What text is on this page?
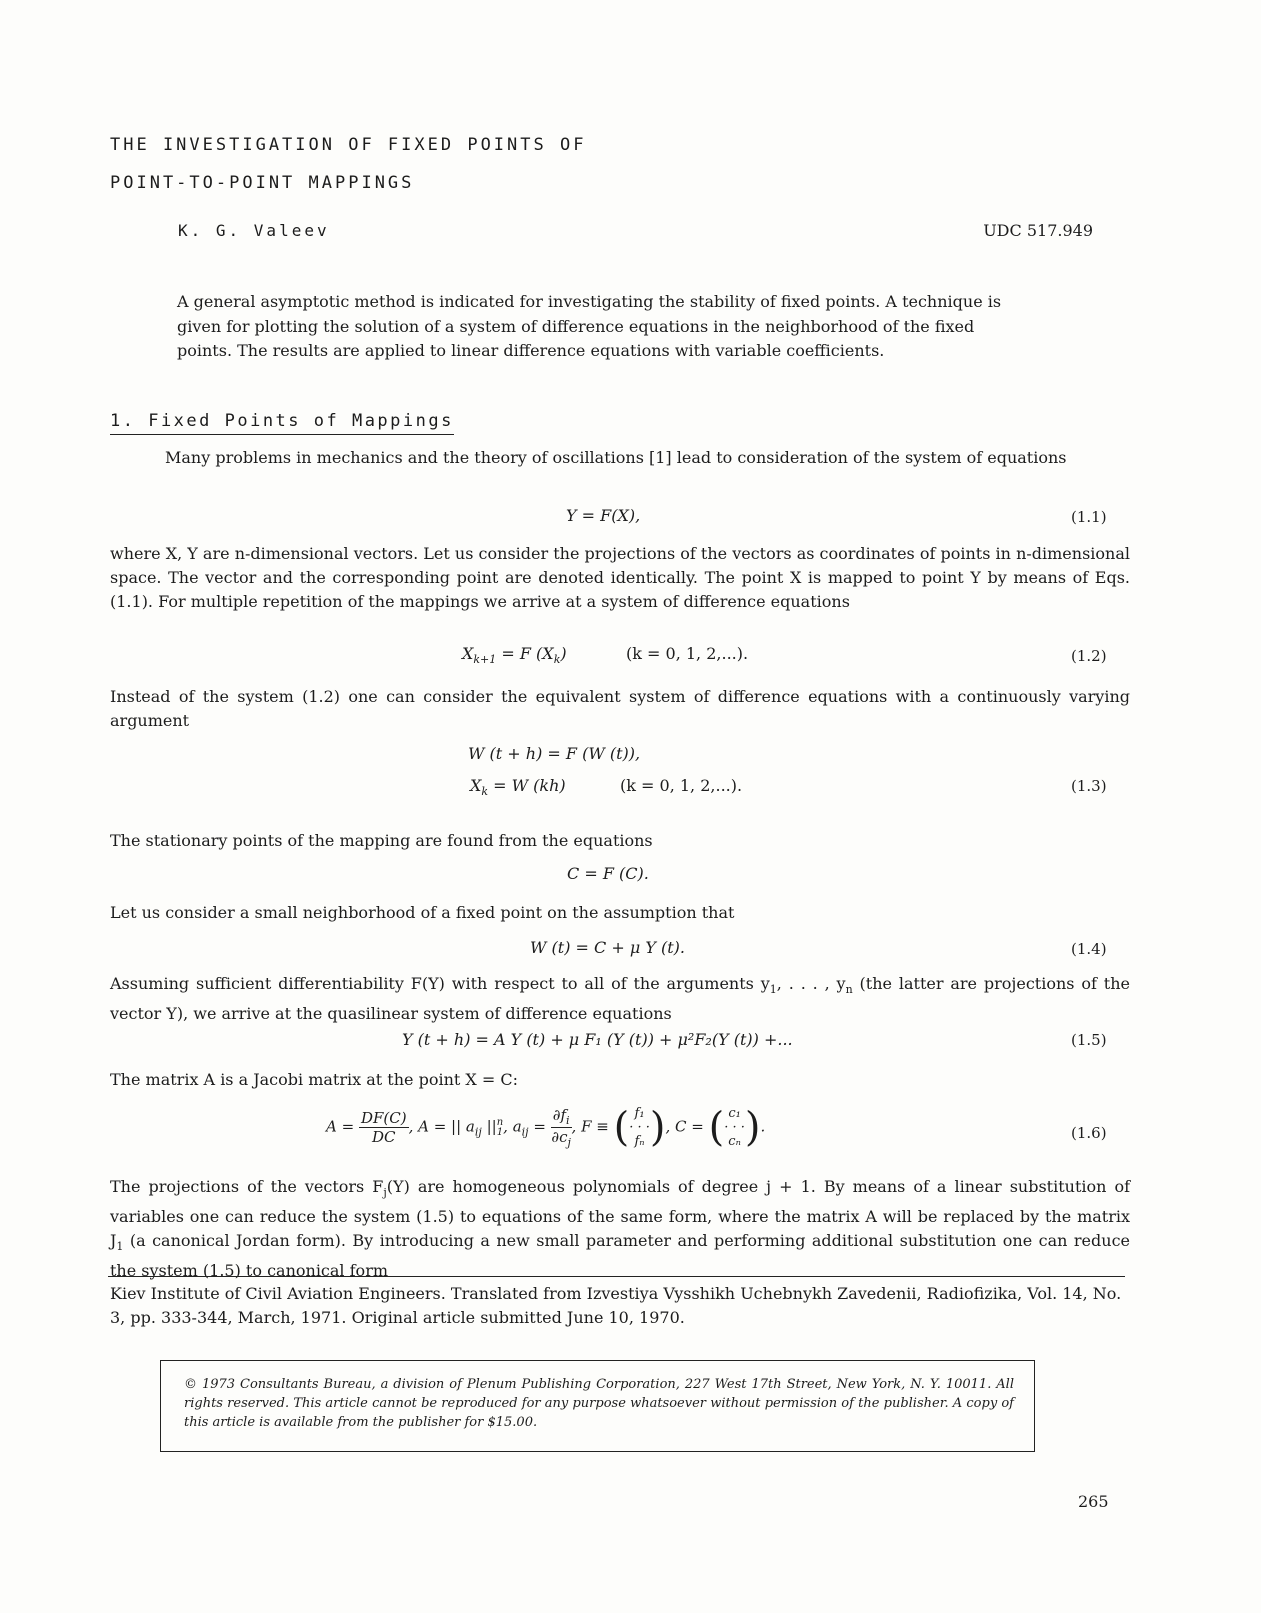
THE INVESTIGATION OF FIXED POINTS OF
POINT-TO-POINT MAPPINGS
K. G. Valeev	UDC 517.949
A general asymptotic method is indicated for investigating the stability of fixed points. A technique is given for plotting the solution of a system of difference equations in the neighborhood of the fixed points. The results are applied to linear difference equations with variable coefficients.
1. Fixed Points of Mappings
Many problems in mechanics and the theory of oscillations [1] lead to consideration of the system of equations
Y = F(X),	(1.1)
where X, Y are n-dimensional vectors. Let us consider the projections of the vectors as coordinates of points in n-dimensional space. The vector and the corresponding point are denoted identically. The point X is mapped to point Y by means of Eqs. (1.1). For multiple repetition of the mappings we arrive at a system of difference equations
$X_{k+1} = F$ $(X_k)$	(k = 0, 1, 2,...).	(1.2)
Instead of the system (1.2) one can consider the equivalent system of difference equations with a continuously varying argument
W (t + h) = F (W (t)),
$X_k = W$ (kh)	(k = 0, 1, 2,...).	(1.3)
The stationary points of the mapping are found from the equations
C = F (C).
Let us consider a small neighborhood of a fixed point on the assumption that
W (t) = C + μ Y (t).	(1.4)
Assuming sufficient differentiability F(Y) with respect to all of the arguments $y_1$, . . . , $y_n$ (the latter are projections of the vector Y), we arrive at the quasilinear system of difference equations
Y (t + h) = A Y (t) + μ F₁ (Y (t)) + μ²F₂(Y (t)) +...	(1.5)
The matrix A is a Jacobi matrix at the point X = C:
$A = \frac{DF(C)}{DC}$ , A = || $a_{ij}$ || n
1 , $a_{ij} = \frac{\partial f_i}{\partial c_j}$ , F ≡ ( f₁
· · ·
fₙ ), C = ( c₁
· · ·
cₙ ).	(1.6)
The projections of the vectors $F_j(Y)$ are homogeneous polynomials of degree j + 1. By means of a linear substitution of variables one can reduce the system (1.5) to equations of the same form, where the matrix A will be replaced by the matrix $J_1$ (a canonical Jordan form). By introducing a new small parameter and performing additional substitution one can reduce the system (1.5) to canonical form
Kiev Institute of Civil Aviation Engineers. Translated from Izvestiya Vysshikh Uchebnykh Zavedenii, Radiofizika, Vol. 14, No. 3, pp. 333-344, March, 1971. Original article submitted June 10, 1970.
© 1973 Consultants Bureau, a division of Plenum Publishing Corporation, 227 West 17th Street, New York, N. Y. 10011. All rights reserved. This article cannot be reproduced for any purpose whatsoever without permission of the publisher. A copy of this article is available from the publisher for $15.00.
265
